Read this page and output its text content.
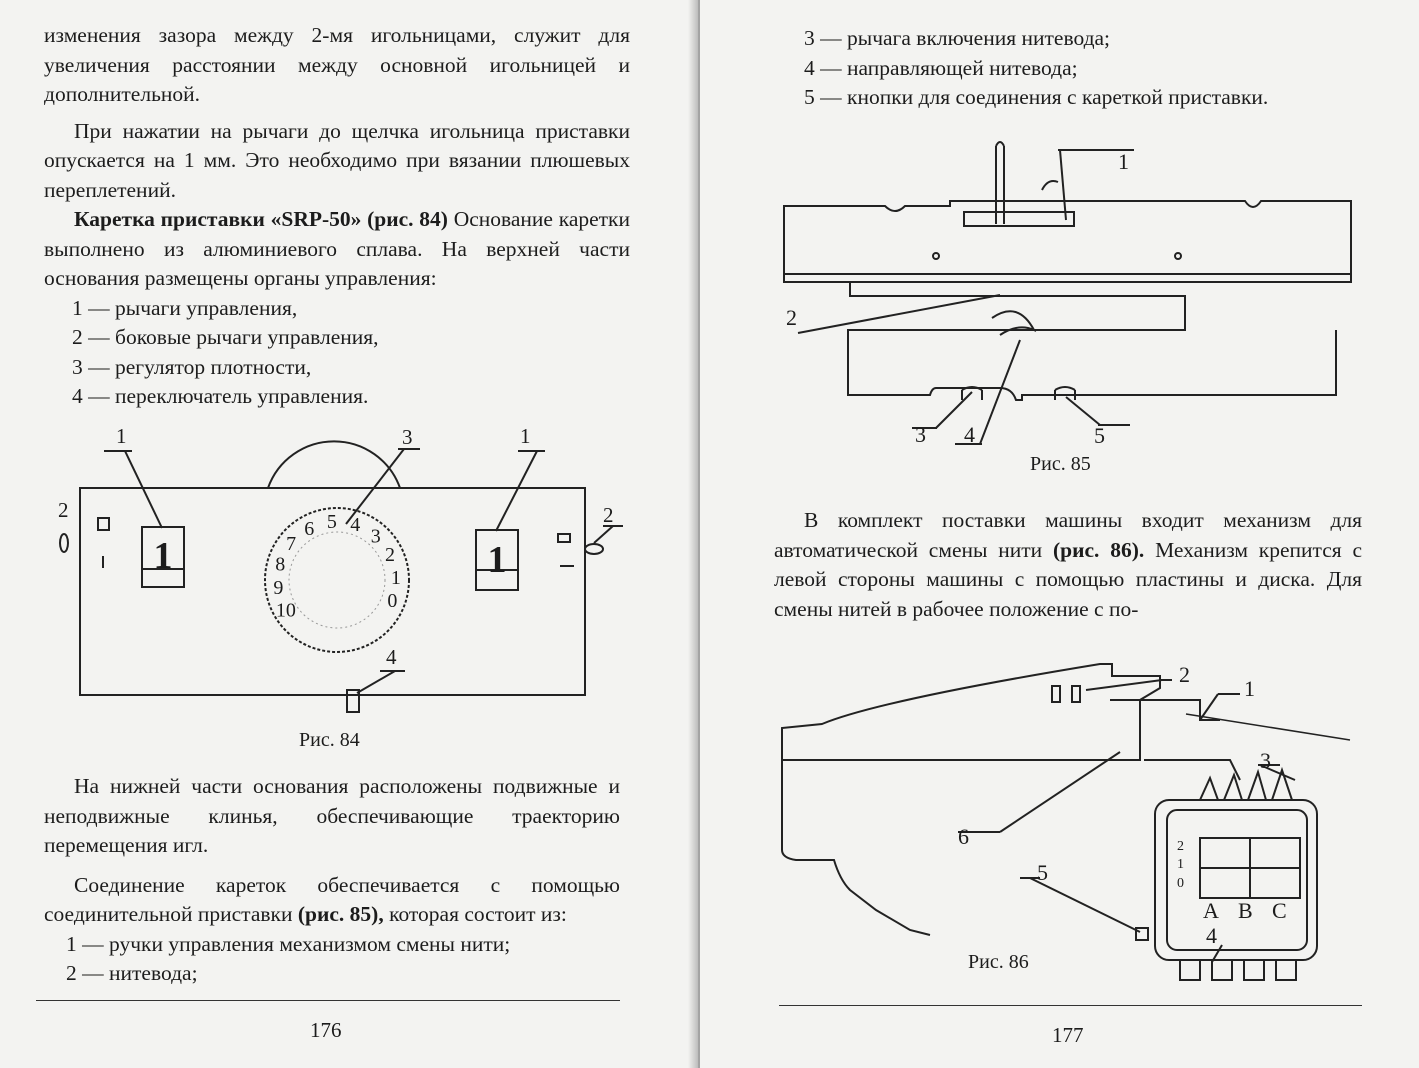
изменения зазора между 2-мя игольницами, служит для увеличения расстоянии между основной игольницей и дополнительной.

При нажатии на рычаги до щелчка игольница приставки опускается на 1 мм. Это необходимо при вязании плюшевых переплетений.

Каретка приставки «SRP-50» (рис. 84) Основание каретки выполнено из алюминиевого сплава. На верхней части основания размещены органы управления:

1 — рычаги управления,
2 — боковые рычаги управления,
3 — регулятор плотности,
4 — переключатель управления.
1
2
3	1
2
4
1	1
10
9
8
7
6 5 4
3
2
1
0
Рис. 84

На нижней части основания расположены подвижные и неподвижные клинья, обеспечивающие траекторию перемещения игл.

Соединение кареток обеспечивается с помощью соединительной приставки (рис. 85), которая состоит из:

1 — ручки управления механизмом смены нити;
2 — нитевода;
176
3 — рычага включения нитевода;
4 — направляющей нитевода;
5 — кнопки для соединения с кареткой приставки.
1
2
3 4	5
Рис. 85

В комплект поставки машины входит механизм для автоматической смены нити (рис. 86). Механизм крепится с левой стороны машины с помощью пластины и диска. Для смены нитей в рабочее положение с по-

2
1
3
6
5
4
2
1
0
A B C
Рис. 86
177
